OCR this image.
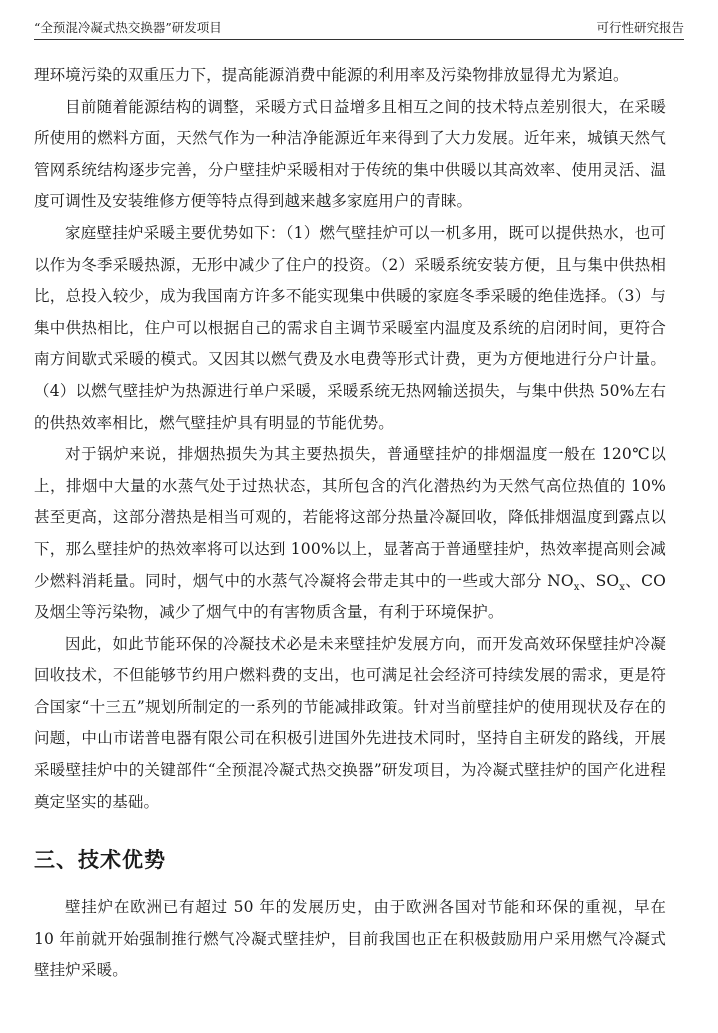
“全预混冷凝式热交换器”研发项目	可行性研究报告

理环境污染的双重压力下，提高能源消费中能源的利用率及污染物排放显得尤为紧迫。

目前随着能源结构的调整，采暖方式日益增多且相互之间的技术特点差别很大，在采暖所使用的燃料方面，天然气作为一种洁净能源近年来得到了大力发展。近年来，城镇天然气管网系统结构逐步完善，分户壁挂炉采暖相对于传统的集中供暖以其高效率、使用灵活、温度可调性及安装维修方便等特点得到越来越多家庭用户的青睐。

家庭壁挂炉采暖主要优势如下：（1）燃气壁挂炉可以一机多用，既可以提供热水，也可以作为冬季采暖热源，无形中减少了住户的投资。（2）采暖系统安装方便，且与集中供热相比，总投入较少，成为我国南方许多不能实现集中供暖的家庭冬季采暖的绝佳选择。（3）与集中供热相比，住户可以根据自己的需求自主调节采暖室内温度及系统的启闭时间，更符合南方间歇式采暖的模式。又因其以燃气费及水电费等形式计费，更为方便地进行分户计量。（4）以燃气壁挂炉为热源进行单户采暖，采暖系统无热网输送损失，与集中供热 50%左右的供热效率相比，燃气壁挂炉具有明显的节能优势。

对于锅炉来说，排烟热损失为其主要热损失，普通壁挂炉的排烟温度一般在 120℃以上，排烟中大量的水蒸气处于过热状态，其所包含的汽化潜热约为天然气高位热值的 10%甚至更高，这部分潜热是相当可观的，若能将这部分热量冷凝回收，降低排烟温度到露点以下，那么壁挂炉的热效率将可以达到 100%以上，显著高于普通壁挂炉，热效率提高则会减少燃料消耗量。同时，烟气中的水蒸气冷凝将会带走其中的一些或大部分 $NO_x$、$SO_x$、CO 及烟尘等污染物，减少了烟气中的有害物质含量，有利于环境保护。

因此，如此节能环保的冷凝技术必是未来壁挂炉发展方向，而开发高效环保壁挂炉冷凝回收技术，不但能够节约用户燃料费的支出，也可满足社会经济可持续发展的需求，更是符合国家“十三五”规划所制定的一系列的节能减排政策。针对当前壁挂炉的使用现状及存在的问题，中山市诺普电器有限公司在积极引进国外先进技术同时，坚持自主研发的路线，开展采暖壁挂炉中的关键部件“全预混冷凝式热交换器”研发项目，为冷凝式壁挂炉的国产化进程奠定坚实的基础。

三、技术优势

壁挂炉在欧洲已有超过 50 年的发展历史，由于欧洲各国对节能和环保的重视，早在 10 年前就开始强制推行燃气冷凝式壁挂炉，目前我国也正在积极鼓励用户采用燃气冷凝式壁挂炉采暖。
